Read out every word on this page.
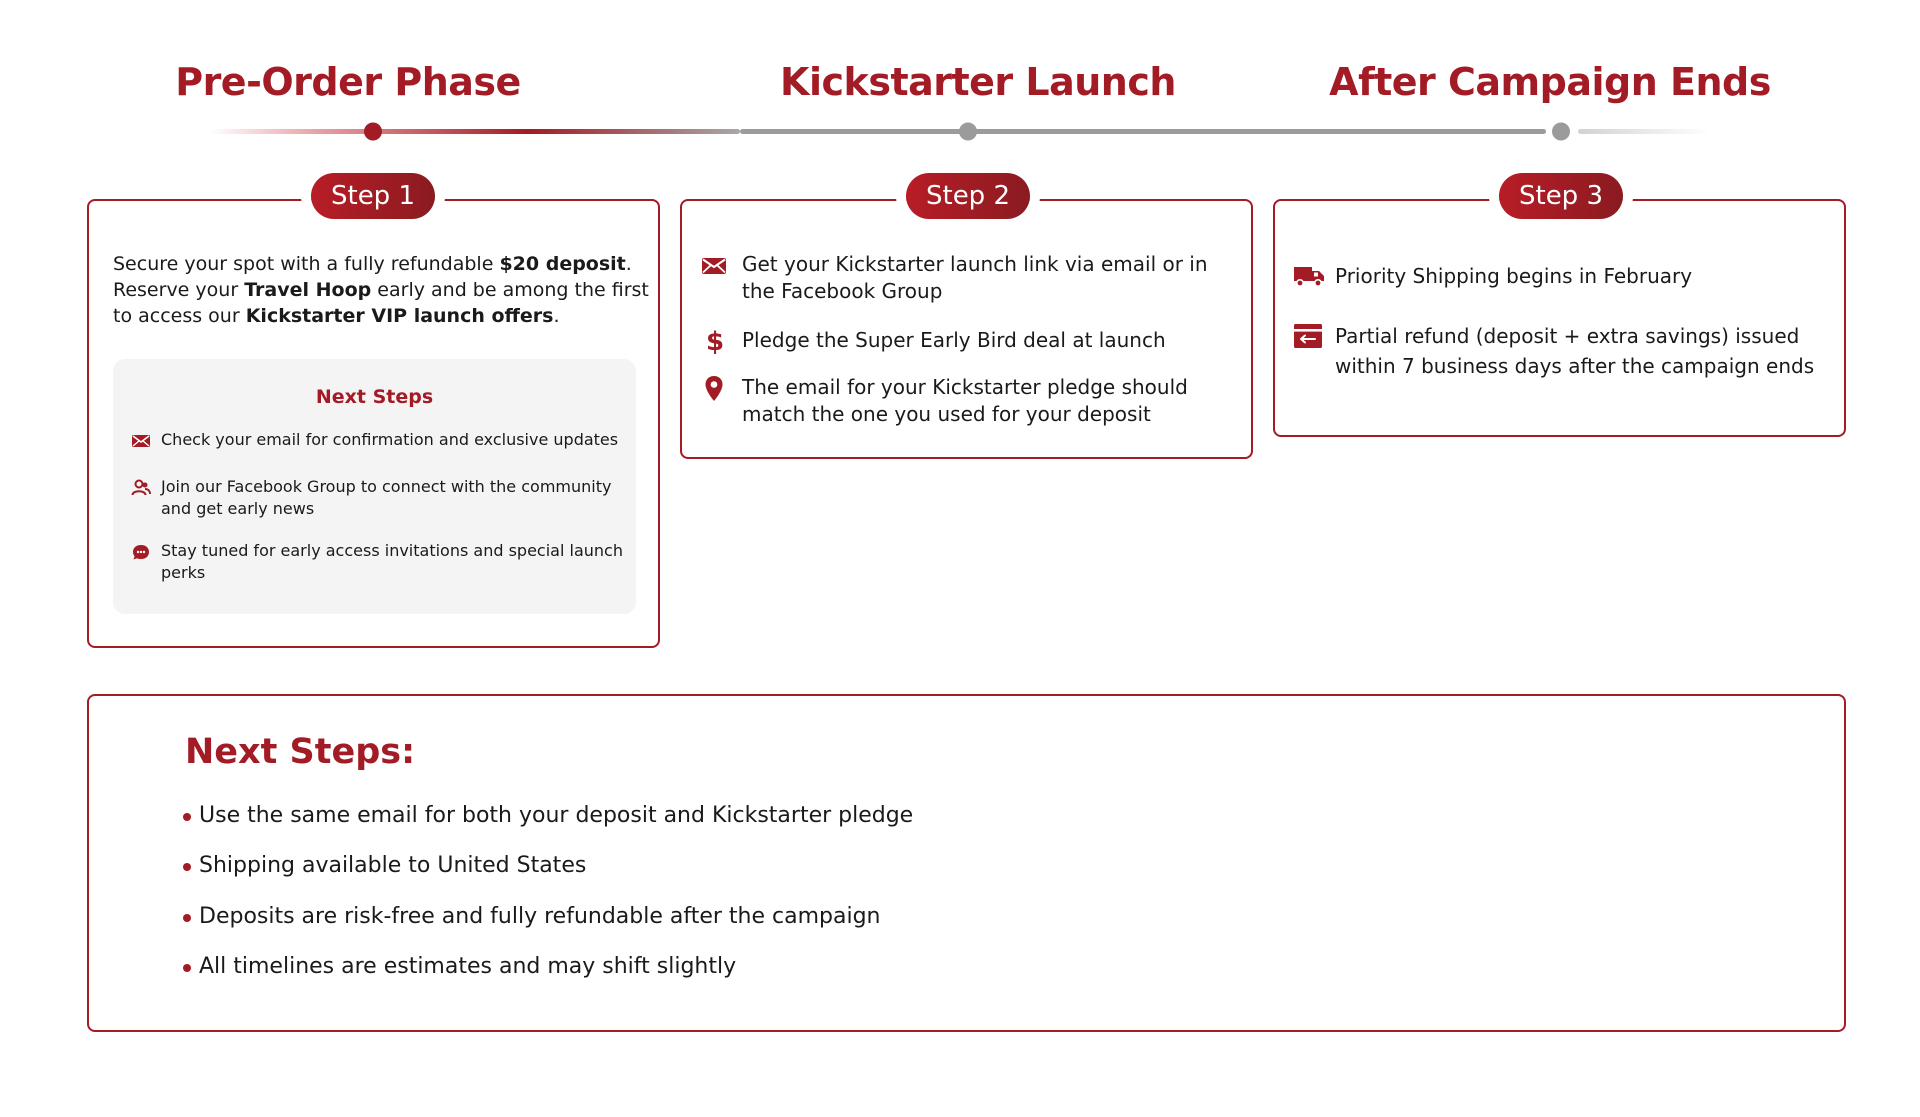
Pre-Order Phase	Kickstarter Launch	After Campaign Ends
Step 1
Secure your spot with a fully refundable $20 deposit. Reserve your Travel Hoop early and be among the first to access our Kickstarter VIP launch offers.
Next Steps
Check your email for confirmation and exclusive updates
Join our Facebook Group to connect with the community and get early news
Stay tuned for early access invitations and special launch perks
Step 2
Get your Kickstarter launch link via email or in the Facebook Group
$ Pledge the Super Early Bird deal at launch
The email for your Kickstarter pledge should match the one you used for your deposit
Step 3
Priority Shipping begins in February
Partial refund (deposit + extra savings) issued within 7 business days after the campaign ends
Next Steps:
Use the same email for both your deposit and Kickstarter pledge
Shipping available to United States
Deposits are risk-free and fully refundable after the campaign
All timelines are estimates and may shift slightly
